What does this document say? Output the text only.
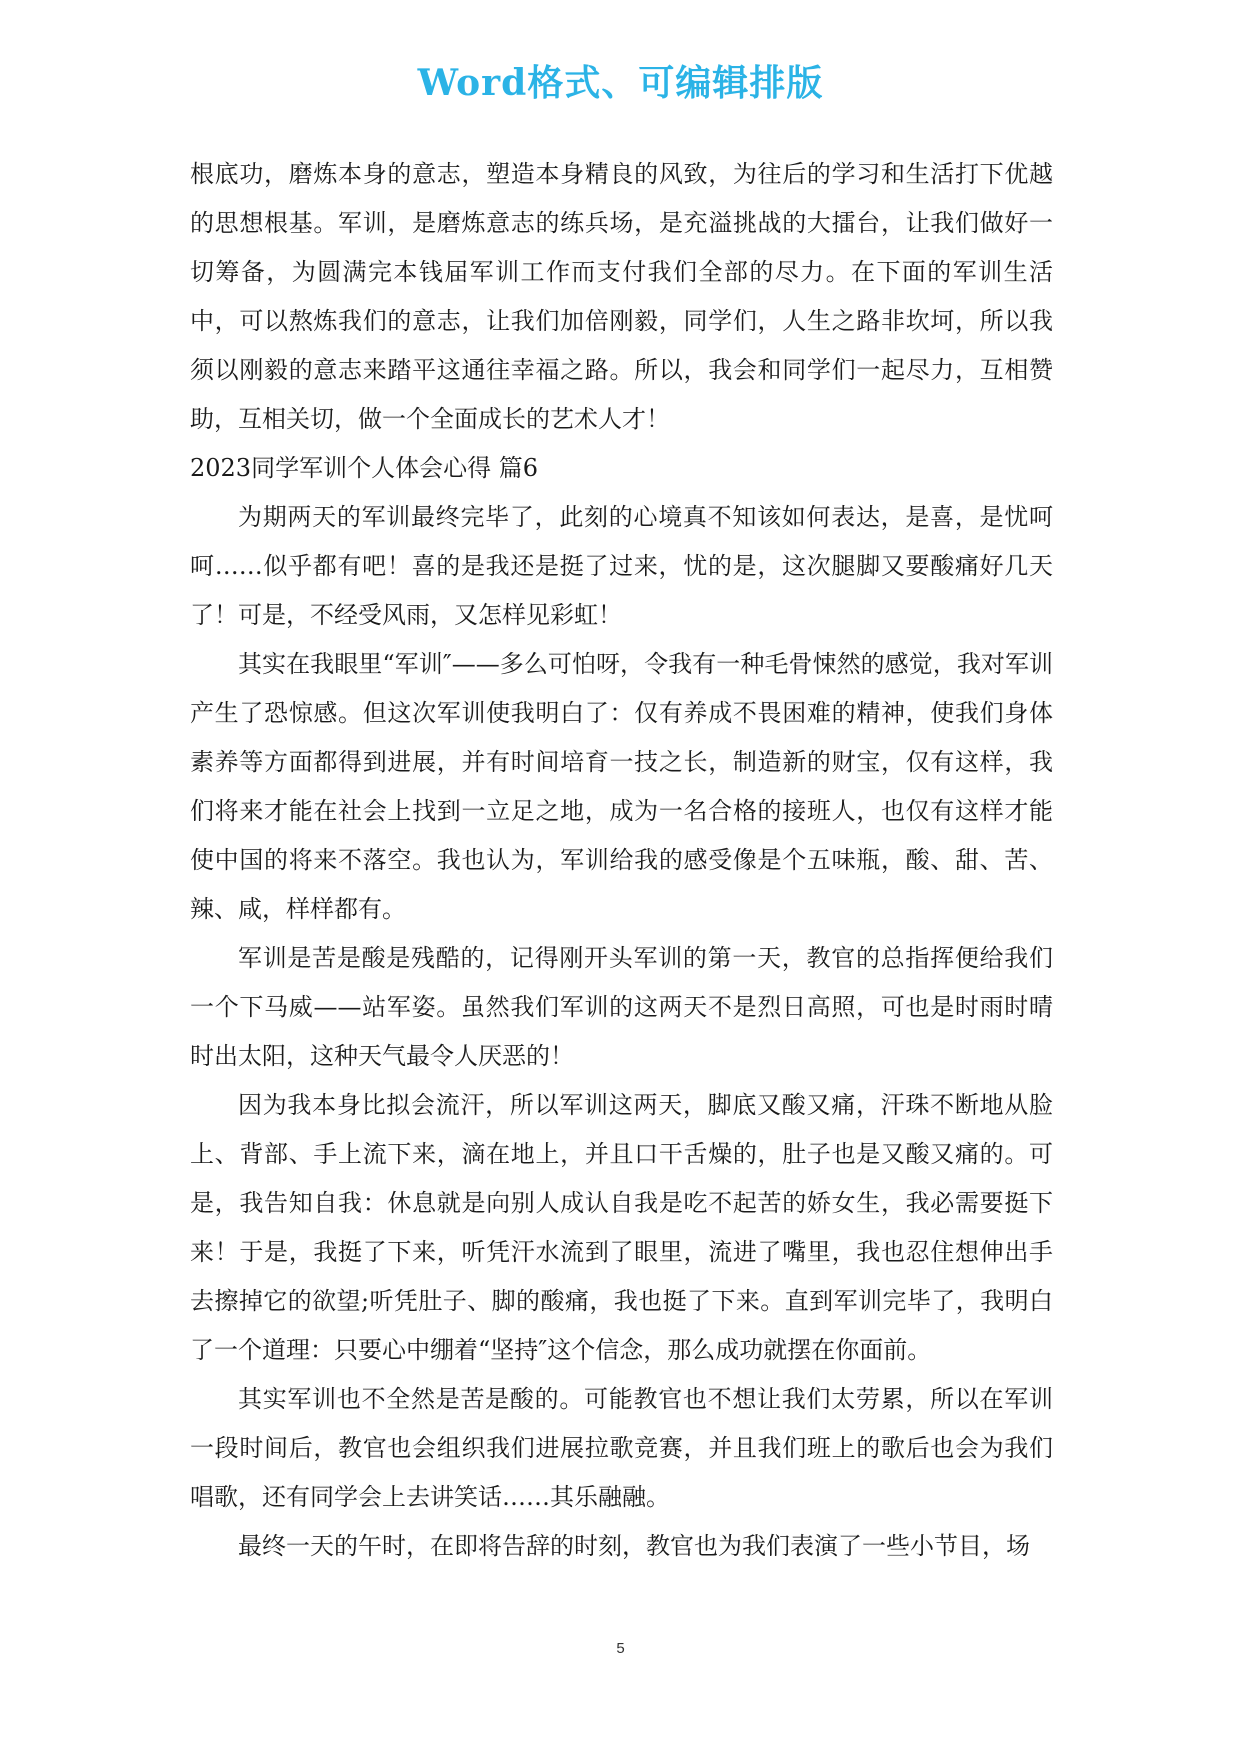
Word格式、可编辑排版

根底功，磨炼本身的意志，塑造本身精良的风致，为往后的学习和生活打下优越的思想根基。军训，是磨炼意志的练兵场，是充溢挑战的大擂台，让我们做好一切筹备，为圆满完本钱届军训工作而支付我们全部的尽力。在下面的军训生活中，可以熬炼我们的意志，让我们加倍刚毅，同学们，人生之路非坎坷，所以我须以刚毅的意志来踏平这通往幸福之路。所以，我会和同学们一起尽力，互相赞助，互相关切，做一个全面成长的艺术人才！

2023同学军训个人体会心得 篇6

为期两天的军训最终完毕了，此刻的心境真不知该如何表达，是喜，是忧呵呵……似乎都有吧！喜的是我还是挺了过来，忧的是，这次腿脚又要酸痛好几天了！可是，不经受风雨，又怎样见彩虹！

其实在我眼里“军训″——多么可怕呀，令我有一种毛骨悚然的感觉，我对军训产生了恐惊感。但这次军训使我明白了：仅有养成不畏困难的精神，使我们身体素养等方面都得到进展，并有时间培育一技之长，制造新的财宝，仅有这样，我们将来才能在社会上找到一立足之地，成为一名合格的接班人，也仅有这样才能使中国的将来不落空。我也认为，军训给我的感受像是个五味瓶，酸、甜、苦、辣、咸，样样都有。

军训是苦是酸是残酷的，记得刚开头军训的第一天，教官的总指挥便给我们一个下马威——站军姿。虽然我们军训的这两天不是烈日高照，可也是时雨时晴时出太阳，这种天气最令人厌恶的！

因为我本身比拟会流汗，所以军训这两天，脚底又酸又痛，汗珠不断地从脸上、背部、手上流下来，滴在地上，并且口干舌燥的，肚子也是又酸又痛的。可是，我告知自我：休息就是向别人成认自我是吃不起苦的娇女生，我必需要挺下来！于是，我挺了下来，听凭汗水流到了眼里，流进了嘴里，我也忍住想伸出手去擦掉它的欲望;听凭肚子、脚的酸痛，我也挺了下来。直到军训完毕了，我明白了一个道理：只要心中绷着“坚持″这个信念，那么成功就摆在你面前。

其实军训也不全然是苦是酸的。可能教官也不想让我们太劳累，所以在军训一段时间后，教官也会组织我们进展拉歌竞赛，并且我们班上的歌后也会为我们唱歌，还有同学会上去讲笑话……其乐融融。

最终一天的午时，在即将告辞的时刻，教官也为我们表演了一些小节目，场

5
